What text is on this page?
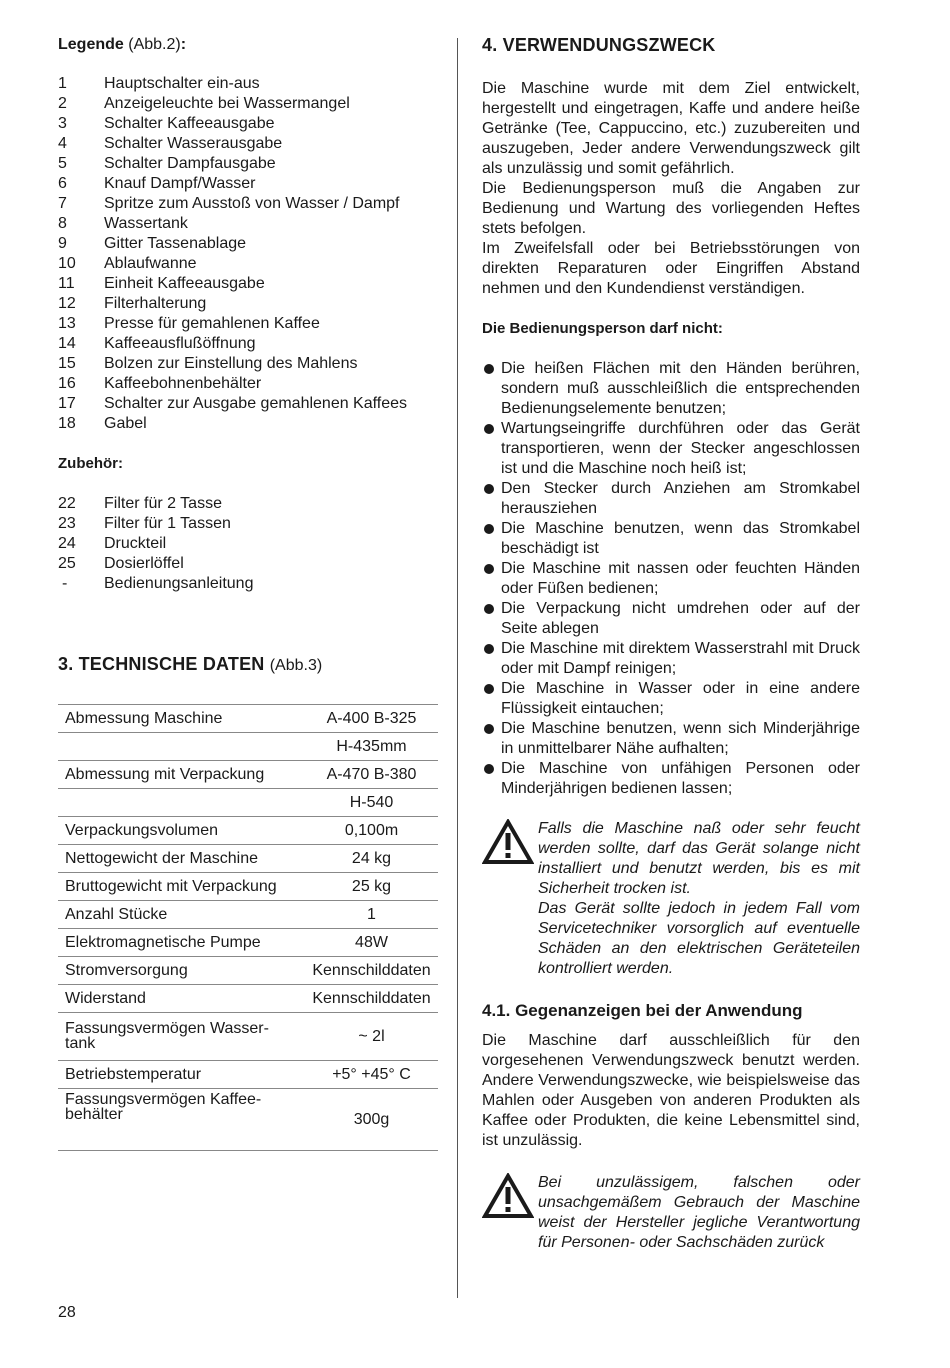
Legende (Abb.2):

1	Hauptschalter ein-aus
2	Anzeigeleuchte bei Wassermangel
3	Schalter Kaffeeausgabe
4	Schalter Wasserausgabe
5	Schalter Dampfausgabe
6	Knauf Dampf/Wasser
7	Spritze zum Ausstoß von Wasser / Dampf
8	Wassertank
9	Gitter Tassenablage
10	Ablaufwanne
11	Einheit Kaffeeausgabe
12	Filterhalterung
13	Presse für gemahlenen Kaffee
14	Kaffeeausflußöffnung
15	Bolzen zur Einstellung des Mahlens
16	Kaffeebohnenbehälter
17	Schalter zur Ausgabe gemahlenen Kaffees
18	Gabel

Zubehör:

22	Filter für 2 Tasse
23	Filter für 1 Tassen
24	Druckteil
25	Dosierlöffel
-	Bedienungsanleitung
3. TECHNISCHE DATEN (Abb.3)
Abmessung Maschine	A-400 B-325
	H-435mm
Abmessung mit Verpackung	A-470 B-380
	H-540
Verpackungsvolumen	0,100m
Nettogewicht der Maschine	24 kg
Bruttogewicht mit Verpackung	25 kg
Anzahl Stücke	1
Elektromagnetische Pumpe	48W
Stromversorgung	Kennschilddaten
Widerstand	Kennschilddaten

Fassungsvermögen Wasser-
tank	~ 2l
Betriebstemperatur	+5° +45° C

Fassungsvermögen Kaffee-
behälter	300g
4. VERWENDUNGSZWECK

Die Maschine wurde mit dem Ziel entwickelt, hergestellt und eingetragen, Kaffe und andere heiße Getränke (Tee, Cappuccino, etc.) zuzubereiten und auszugeben, Jeder andere Verwendungszweck gilt als unzulässig und somit gefährlich.

Die Bedienungsperson muß die Angaben zur Bedienung und Wartung des vorliegenden Heftes stets befolgen.

Im Zweifelsfall oder bei Betriebsstörungen von direkten Reparaturen oder Eingriffen Abstand nehmen und den Kundendienst verständigen.

Die Bedienungsperson darf nicht:

Die heißen Flächen mit den Händen berühren, sondern muß ausschleißlich die entsprechenden Bedienungselemente benutzen;
Wartungseingriffe durchführen oder das Gerät transportieren, wenn der Stecker angeschlossen ist und die Maschine noch heiß ist;
Den Stecker durch Anziehen am Stromkabel herausziehen
Die Maschine benutzen, wenn das Stromkabel beschädigt ist
Die Maschine mit nassen oder feuchten Händen oder Füßen bedienen;
Die Verpackung nicht umdrehen oder auf der Seite ablegen
Die Maschine mit direktem Wasserstrahl mit Druck oder mit Dampf reinigen;
Die Maschine in Wasser oder in eine andere Flüssigkeit eintauchen;
Die Maschine benutzen, wenn sich Minderjährige in unmittelbarer Nähe aufhalten;
Die Maschine von unfähigen Personen oder Minderjährigen bedienen lassen;

Falls die Maschine naß oder sehr feucht werden sollte, darf das Gerät solange nicht installiert und benutzt werden, bis es mit Sicherheit trocken ist.

Das Gerät sollte jedoch in jedem Fall vom Servicetechniker vorsorglich auf eventuelle Schäden an den elektrischen Geräteteilen kontrolliert werden.

4.1. Gegenanzeigen bei der Anwendung

Die Maschine darf ausschleißlich für den vorgesehenen Verwendungszweck benutzt werden. Andere Verwendungszwecke, wie beispielsweise das Mahlen oder Ausgeben von anderen Produkten als Kaffee oder Produkten, die keine Lebensmittel sind, ist unzulässig.

Bei unzulässigem, falschen oder unsachgemäßem Gebrauch der Maschine weist der Hersteller jegliche Verantwortung für Personen- oder Sachschäden zurück

28
